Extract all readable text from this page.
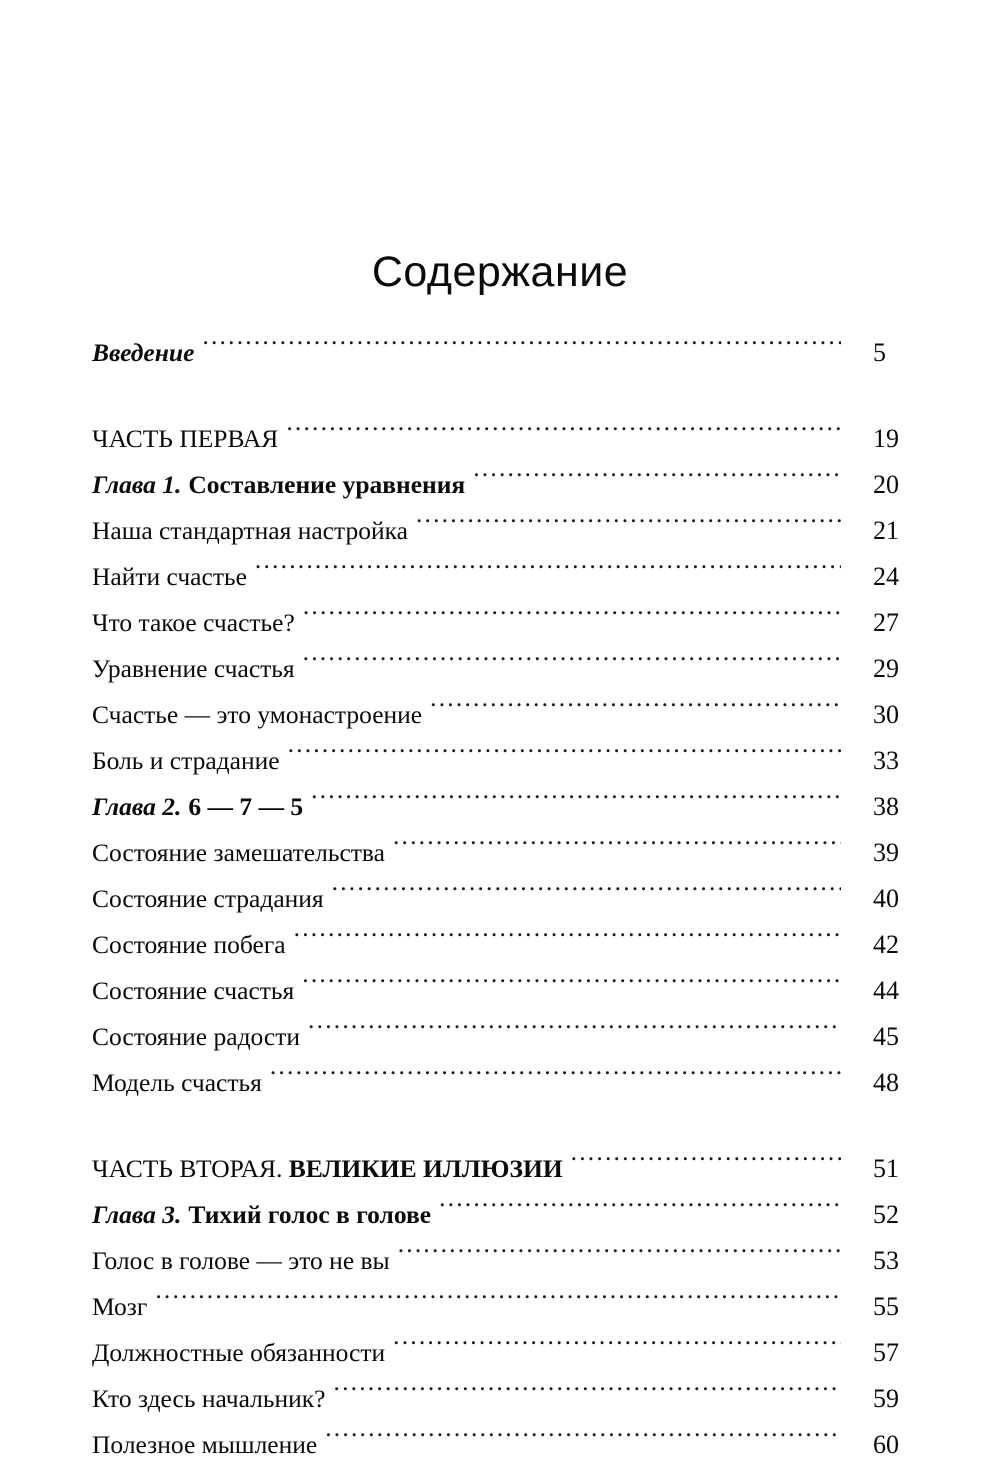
Содержание
Введение .....	5
ЧАСТЬ ПЕРВАЯ .....	19
Глава 1. Составление уравнения .....	20
Наша стандартная настройка .....	21
Найти счастье .....	24
Что такое счастье? .....	27
Уравнение счастья .....	29
Счастье — это умонастроение .....	30
Боль и страдание .....	33
Глава 2. 6 — 7 — 5 .....	38
Состояние замешательства .....	39
Состояние страдания .....	40
Состояние побега .....	42
Состояние счастья .....	44
Состояние радости .....	45
Модель счастья .....	48
ЧАСТЬ ВТОРАЯ. ВЕЛИКИЕ ИЛЛЮЗИИ .....	51
Глава 3. Тихий голос в голове .....	52
Голос в голове — это не вы .....	53
Мозг .....	55
Должностные обязанности .....	57
Кто здесь начальник? .....	59
Полезное мышление .....	60
